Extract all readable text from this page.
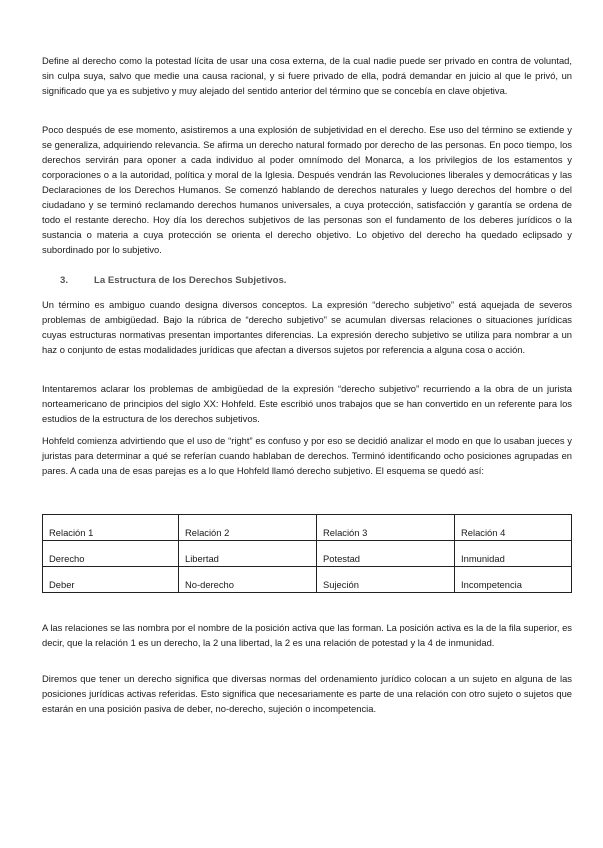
Define al derecho como la potestad lícita de usar una cosa externa, de la cual nadie puede ser privado en contra de voluntad, sin culpa suya, salvo que medie una causa racional, y si fuere privado de ella, podrá demandar en juicio al que le privó, un significado que ya es subjetivo y muy alejado del sentido anterior del término que se concebía en clave objetiva.

Poco después de ese momento, asistiremos a una explosión de subjetividad en el derecho. Ese uso del término se extiende y se generaliza, adquiriendo relevancia. Se afirma un derecho natural formado por derecho de las personas. En poco tiempo, los derechos servirán para oponer a cada individuo al poder omnímodo del Monarca, a los privilegios de los estamentos y corporaciones o a la autoridad, política y moral de la Iglesia. Después vendrán las Revoluciones liberales y democráticas y las Declaraciones de los Derechos Humanos. Se comenzó hablando de derechos naturales y luego derechos del hombre o del ciudadano y se terminó reclamando derechos humanos universales, a cuya protección, satisfacción y garantía se ordena de todo el restante derecho. Hoy día los derechos subjetivos de las personas son el fundamento de los deberes jurídicos o la sustancia o materia a cuya protección se orienta el derecho objetivo. Lo objetivo del derecho ha quedado eclipsado y subordinado por lo subjetivo.

3.	La Estructura de los Derechos Subjetivos.

Un término es ambiguo cuando designa diversos conceptos. La expresión “derecho subjetivo” está aquejada de severos problemas de ambigüedad. Bajo la rúbrica de “derecho subjetivo” se acumulan diversas relaciones o situaciones jurídicas cuyas estructuras normativas presentan importantes diferencias. La expresión derecho subjetivo se utiliza para nombrar a un haz o conjunto de estas modalidades jurídicas que afectan a diversos sujetos por referencia a alguna cosa o acción.

Intentaremos aclarar los problemas de ambigüedad de la expresión “derecho subjetivo” recurriendo a la obra de un jurista norteamericano de principios del siglo XX: Hohfeld. Este escribió unos trabajos que se han convertido en un referente para los estudios de la estructura de los derechos subjetivos.

Hohfeld comienza advirtiendo que el uso de “right” es confuso y por eso se decidió analizar el modo en que lo usaban jueces y juristas para determinar a qué se referían cuando hablaban de derechos. Terminó identificando ocho posiciones agrupadas en pares. A cada una de esas parejas es a lo que Hohfeld llamó derecho subjetivo. El esquema se quedó así:

Relación 1	Relación 2	Relación 3	Relación 4
Derecho	Libertad	Potestad	Inmunidad
Deber	No-derecho	Sujeción	Incompetencia

A las relaciones se las nombra por el nombre de la posición activa que las forman. La posición activa es la de la fila superior, es decir, que la relación 1 es un derecho, la 2 una libertad, la 2 es una relación de potestad y la 4 de inmunidad.

Diremos que tener un derecho significa que diversas normas del ordenamiento jurídico colocan a un sujeto en alguna de las posiciones jurídicas activas referidas. Esto significa que necesariamente es parte de una relación con otro sujeto o sujetos que estarán en una posición pasiva de deber, no-derecho, sujeción o incompetencia.
